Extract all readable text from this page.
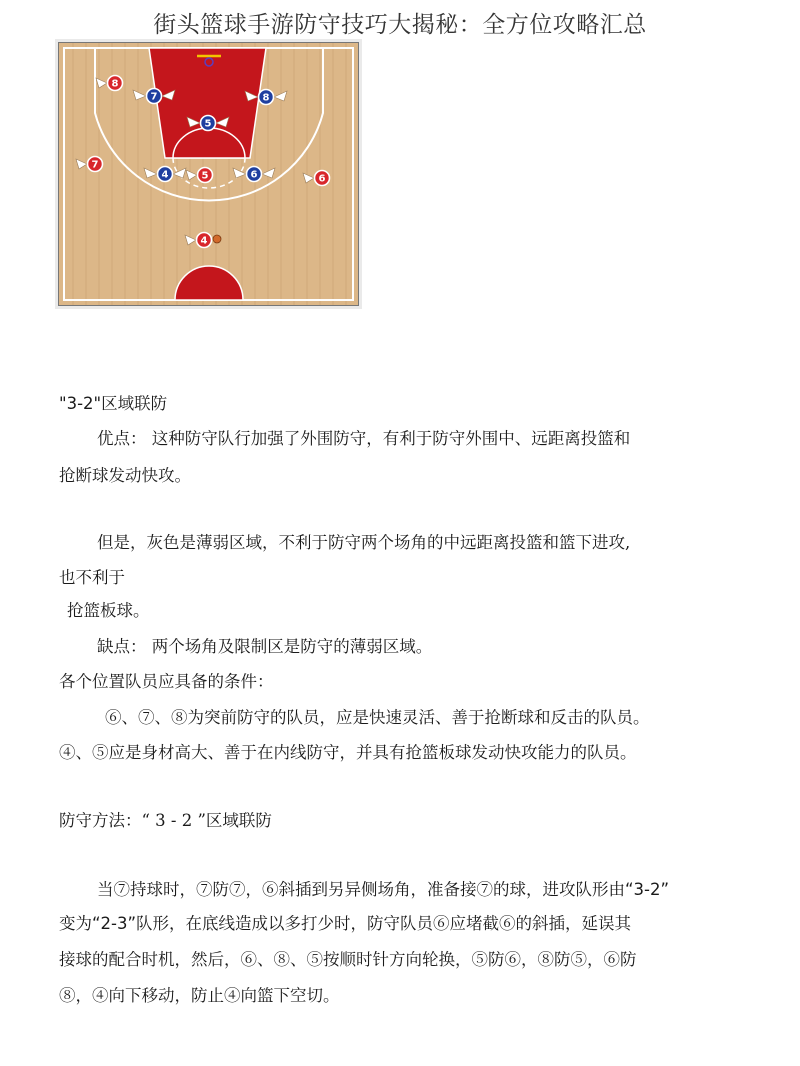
街头篮球手游防守技巧大揭秘：全方位攻略汇总
8
7	8
5
7
4	5	6	6
4
"3-2"区域联防
优点： 这种防守队行加强了外围防守，有利于防守外围中、远距离投篮和
抢断球发动快攻。
但是，灰色是薄弱区域，不利于防守两个场角的中远距离投篮和篮下进攻,
也不利于
抢篮板球。
缺点： 两个场角及限制区是防守的薄弱区域。
各个位置队员应具备的条件：
⑥、⑦、⑧为突前防守的队员，应是快速灵活、善于抢断球和反击的队员。
④、⑤应是身材高大、善于在内线防守，并具有抢篮板球发动快攻能力的队员。
防守方法：“ 3 - 2 ”区域联防
当⑦持球时，⑦防⑦，⑥斜插到另异侧场角，准备接⑦的球，进攻队形由“3-2”
变为“2-3”队形，在底线造成以多打少时，防守队员⑥应堵截⑥的斜插，延误其
接球的配合时机，然后，⑥、⑧、⑤按顺时针方向轮换，⑤防⑥，⑧防⑤，⑥防
⑧，④向下移动，防止④向篮下空切。
